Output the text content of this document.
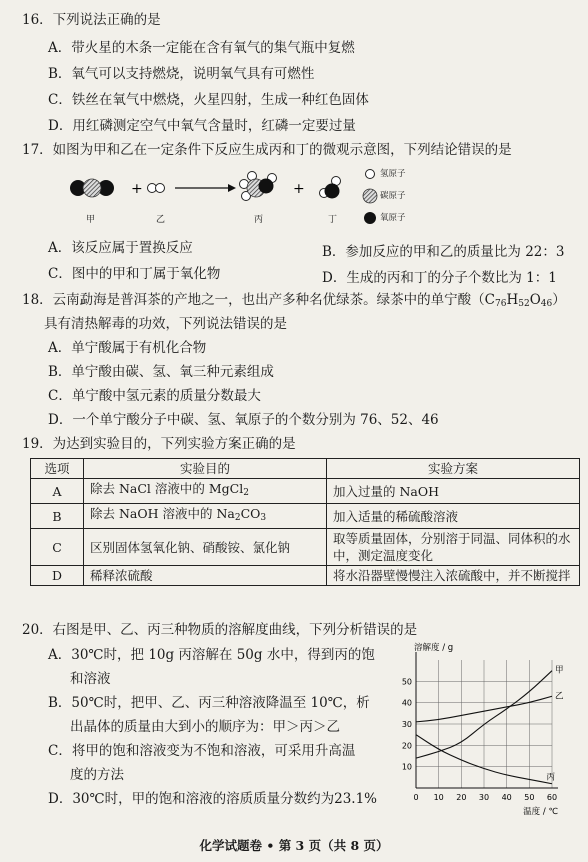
16．下列说法正确的是
A．带火星的木条一定能在含有氧气的集气瓶中复燃
B．氧气可以支持燃烧，说明氧气具有可燃性
C．铁丝在氧气中燃烧，火星四射，生成一种红色固体
D．用红磷测定空气中氧气含量时，红磷一定要过量
17．如图为甲和乙在一定条件下反应生成丙和丁的微观示意图，下列结论错误的是
+	+
甲	乙	丙	丁
氢原子
碳原子
氧原子
A．该反应属于置换反应	B．参加反应的甲和乙的质量比为 22：3
C．图中的甲和丁属于氧化物	D．生成的丙和丁的分子个数比为 1：1
18．云南勐海是普洱茶的产地之一，也出产多种名优绿茶。绿茶中的单宁酸$(C_{76}H_{52}O_{46})$
具有清热解毒的功效，下列说法错误的是
A．单宁酸属于有机化合物
B．单宁酸由碳、氢、氧三种元素组成
C．单宁酸中氢元素的质量分数最大
D．一个单宁酸分子中碳、氢、氧原子的个数分别为 76、52、46
19．为达到实验目的，下列实验方案正确的是
选项	实验目的	实验方案
A	除去 NaCl 溶液中的 MgCl$_2$	加入过量的 NaOH
B	除去 NaOH 溶液中的 $Na_2CO_3$	加入适量的稀硫酸溶液
C	区别固体氢氧化钠、硝酸铵、氯化钠	取等质量固体，分别溶于同温、同体积的水中，测定温度变化
D	稀释浓硫酸	将水沿器壁慢慢注入浓硫酸中，并不断搅拌
20．右图是甲、乙、丙三种物质的溶解度曲线，下列分析错误的是
A．30℃时，把 10g 丙溶解在 50g 水中，得到丙的饱
和溶液
B．50℃时，把甲、乙、丙三种溶液降温至 10℃，析
出晶体的质量由大到小的顺序为：甲＞丙＞乙
C．将甲的饱和溶液变为不饱和溶液，可采用升高温
度的方法
D．30℃时，甲的饱和溶液的溶质质量分数约为23.1%	0 10 20 30 40 50 60
10
20
30
40
50
溶解度 / g
温度 / ℃
甲
乙
丙
化学试题卷 • 第 3 页（共 8 页）
